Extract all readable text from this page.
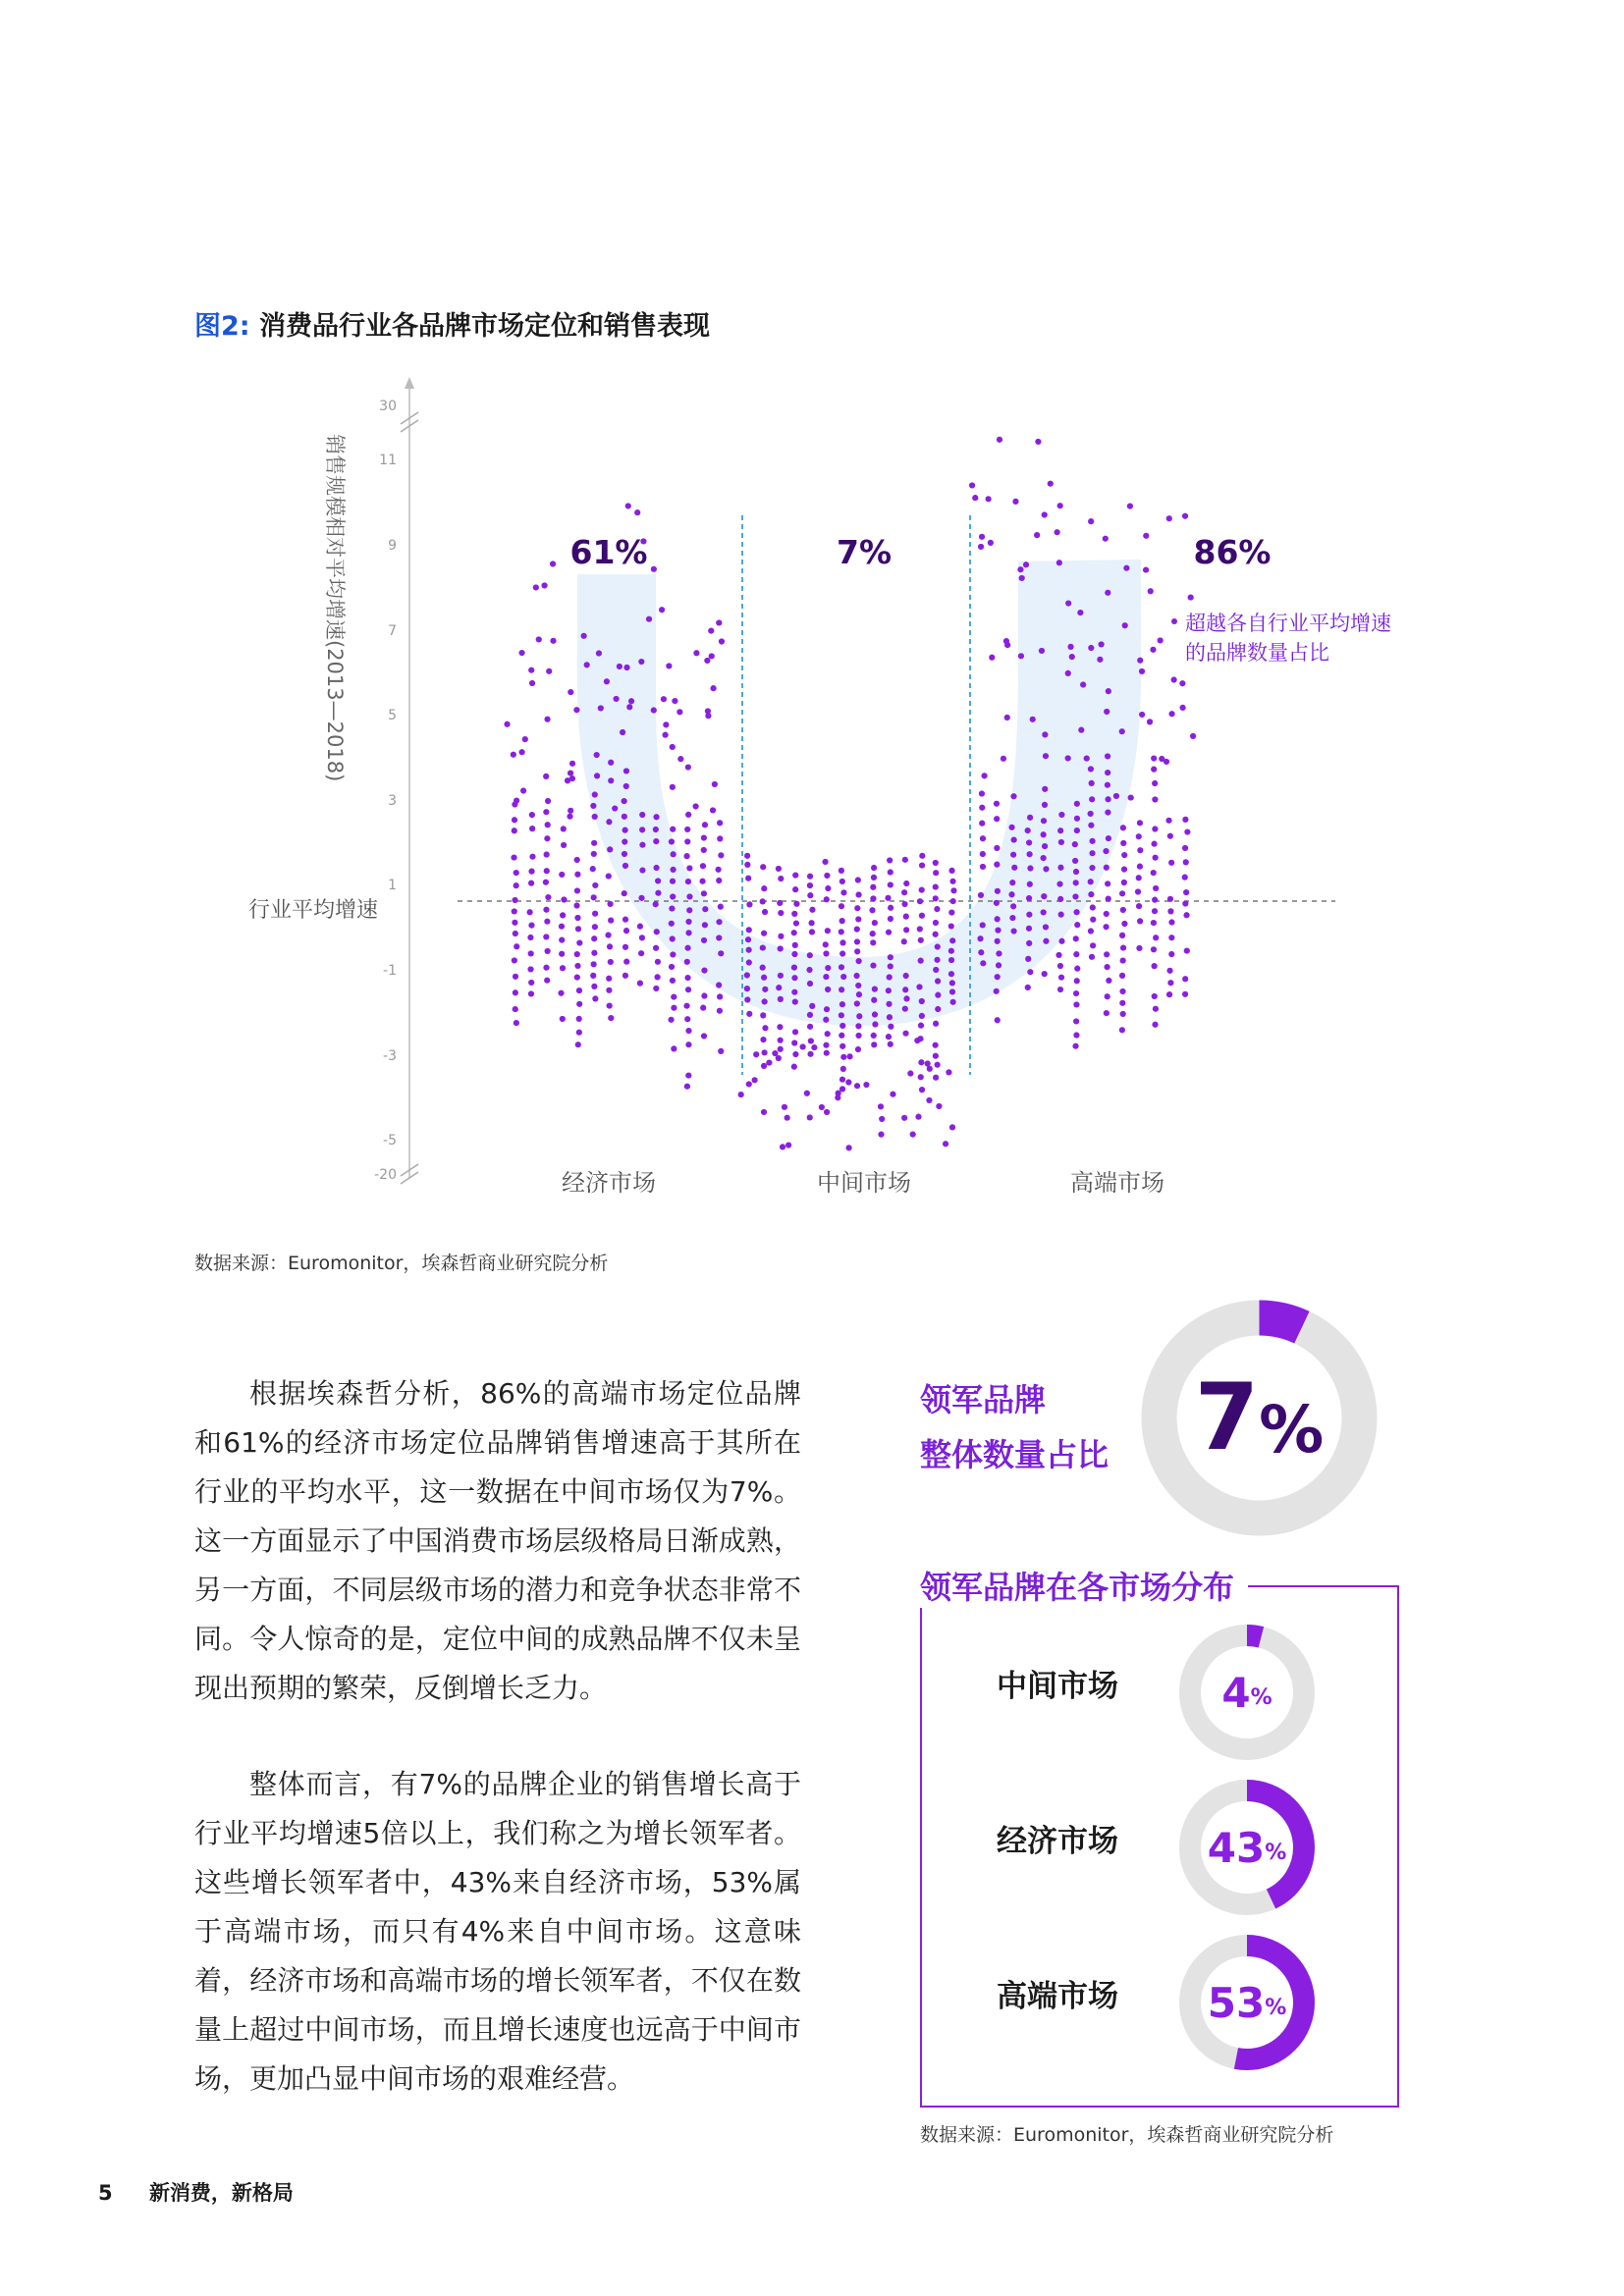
图2: 消费品行业各品牌市场定位和销售表现
30
11
9
7
5
3
1
-1
-3
-5
-20
销售规模相对平均增速(2013—2018)
行业平均增速
61%	7%	86%
经济市场	中间市场	高端市场
超越各自行业平均增速的品牌数量占比
数据来源：Euromonitor，埃森哲商业研究院分析

根据埃森哲分析，86%的高端市场定位品牌和61%的经济市场定位品牌销售增速高于其所在行业的平均水平，这一数据在中间市场仅为7%。这一方面显示了中国消费市场层级格局日渐成熟，另一方面，不同层级市场的潜力和竞争状态非常不同。令人惊奇的是，定位中间的成熟品牌不仅未呈现出预期的繁荣，反倒增长乏力。

整体而言，有7%的品牌企业的销售增长高于行业平均增速5倍以上，我们称之为增长领军者。这些增长领军者中，43%来自经济市场，53%属于高端市场，而只有4%来自中间市场。这意味着，经济市场和高端市场的增长领军者，不仅在数量上超过中间市场，而且增长速度也远高于中间市场，更加凸显中间市场的艰难经营。

领军品牌
整体数量占比 7 %
领军品牌在各市场分布
中间市场	4 %
经济市场 43 %
高端市场 53 %
数据来源：Euromonitor，埃森哲商业研究院分析
5 新消费，新格局
